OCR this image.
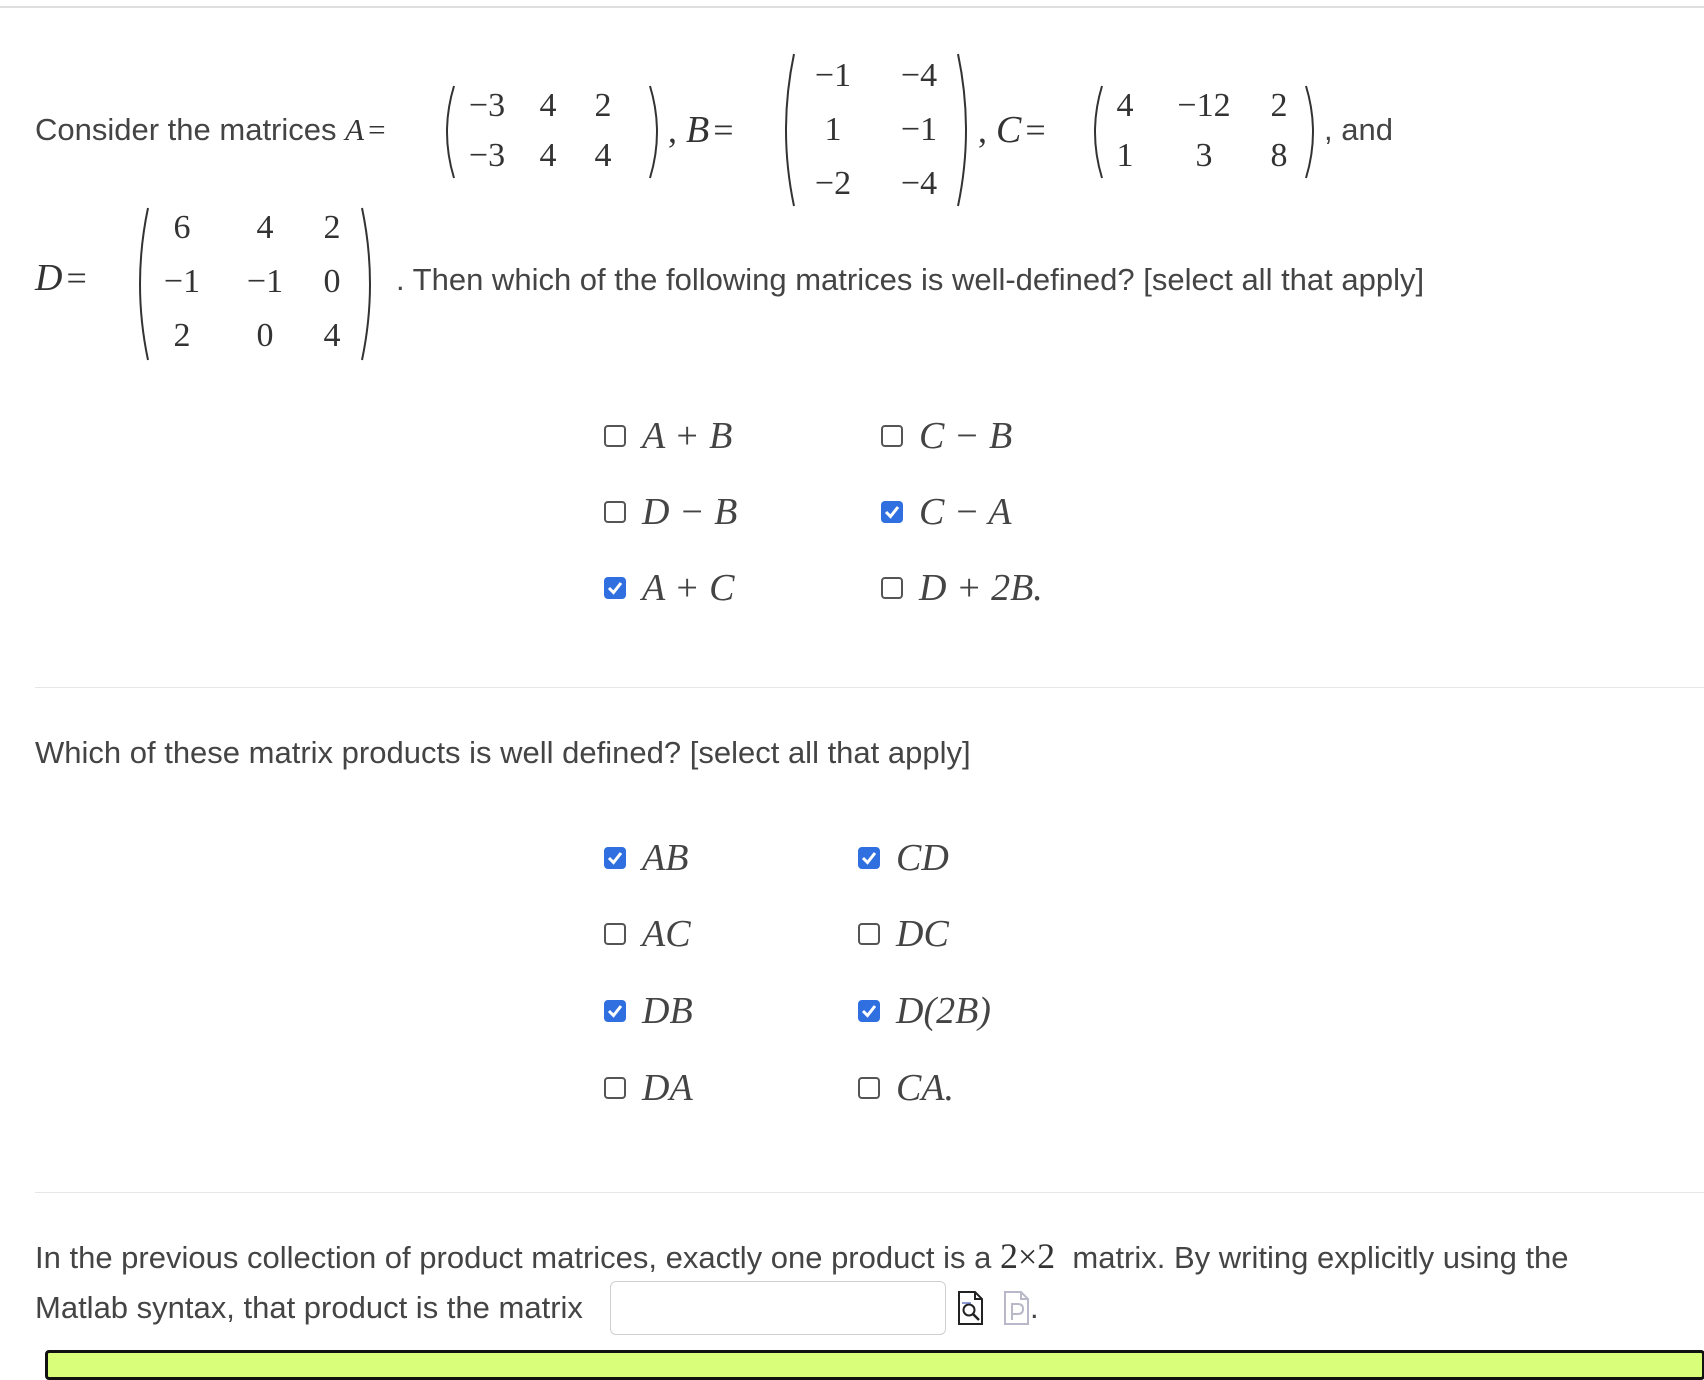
Consider the matrices A =
−3	4	2
−3	4	4
, B =
−1	−4
1	−1
−2	−4
, C =
4	−12	2
1	3	8
, and
D =
6	4	2
−1	−1	0
2	0	4
. Then which of the following matrices is well-defined? [select all that apply]
A + B	C − B
D − B	C − A
A + C	D + 2B.
Which of these matrix products is well defined? [select all that apply]
AB	CD
AC	DC
DB	D(2B)
DA	CA.
In the previous collection of product matrices, exactly one product is a 2×2 matrix. By writing explicitly using the
Matlab syntax, that product is the matrix	.
